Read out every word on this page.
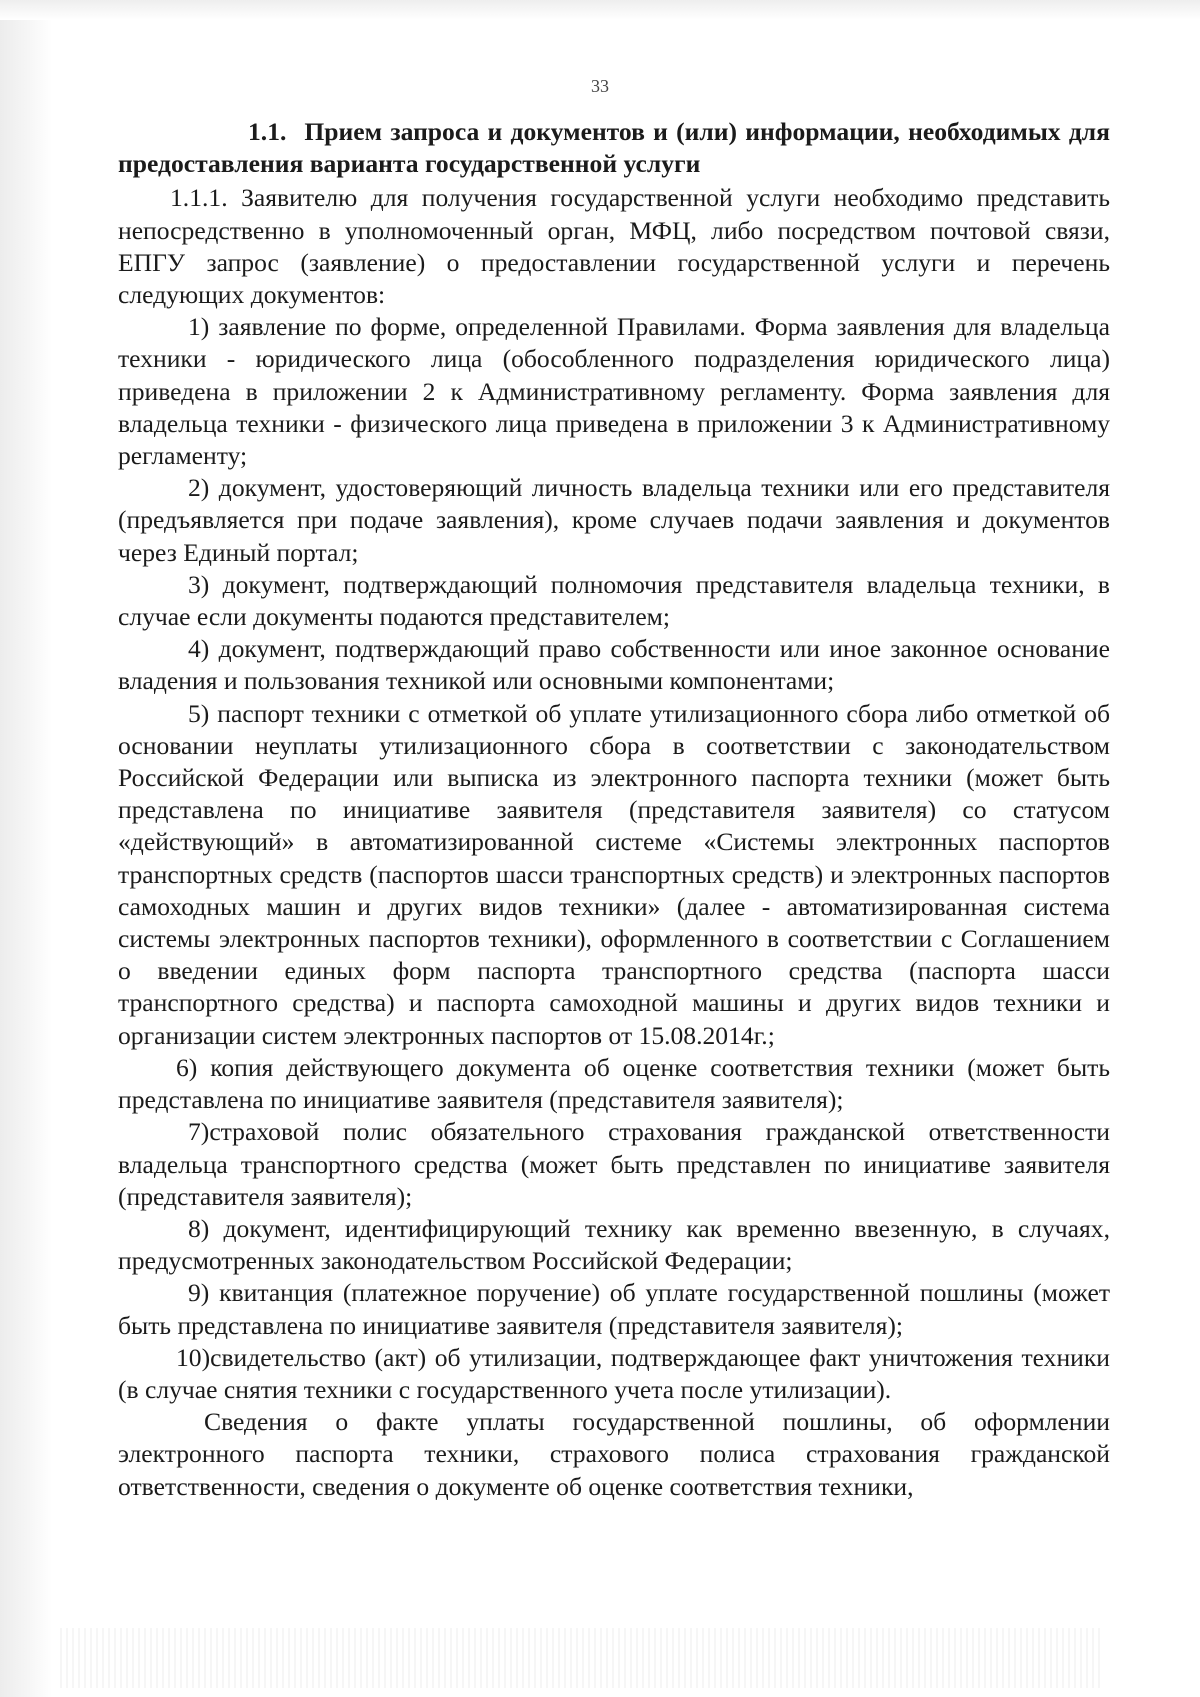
33

1.1. Прием запроса и документов и (или) информации, необходимых для предоставления варианта государственной услуги

1.1.1. Заявителю для получения государственной услуги необходимо представить непосредственно в уполномоченный орган, МФЦ, либо посредством почтовой связи, ЕПГУ запрос (заявление) о предоставлении государственной услуги и перечень следующих документов:

1) заявление по форме, определенной Правилами. Форма заявления для владельца техники - юридического лица (обособленного подразделения юридического лица) приведена в приложении 2 к Административному регламенту. Форма заявления для владельца техники - физического лица приведена в приложении 3 к Административному регламенту;

2) документ, удостоверяющий личность владельца техники или его представителя (предъявляется при подаче заявления), кроме случаев подачи заявления и документов через Единый портал;

3) документ, подтверждающий полномочия представителя владельца техники, в случае если документы подаются представителем;

4) документ, подтверждающий право собственности или иное законное основание владения и пользования техникой или основными компонентами;

5) паспорт техники с отметкой об уплате утилизационного сбора либо отметкой об основании неуплаты утилизационного сбора в соответствии с законодательством Российской Федерации или выписка из электронного паспорта техники (может быть представлена по инициативе заявителя (представителя заявителя) со статусом «действующий» в автоматизированной системе «Системы электронных паспортов транспортных средств (паспортов шасси транспортных средств) и электронных паспортов самоходных машин и других видов техники» (далее - автоматизированная система системы электронных паспортов техники), оформленного в соответствии с Соглашением о введении единых форм паспорта транспортного средства (паспорта шасси транспортного средства) и паспорта самоходной машины и других видов техники и организации систем электронных паспортов от 15.08.2014г.;

6) копия действующего документа об оценке соответствия техники (может быть представлена по инициативе заявителя (представителя заявителя);

7)страховой полис обязательного страхования гражданской ответственности владельца транспортного средства (может быть представлен по инициативе заявителя (представителя заявителя);

8) документ, идентифицирующий технику как временно ввезенную, в случаях, предусмотренных законодательством Российской Федерации;

9) квитанция (платежное поручение) об уплате государственной пошлины (может быть представлена по инициативе заявителя (представителя заявителя);

10)свидетельство (акт) об утилизации, подтверждающее факт уничтожения техники (в случае снятия техники с государственного учета после утилизации).

Сведения о факте уплаты государственной пошлины, об оформлении электронного паспорта техники, страхового полиса страхования гражданской ответственности, сведения о документе об оценке соответствия техники,
